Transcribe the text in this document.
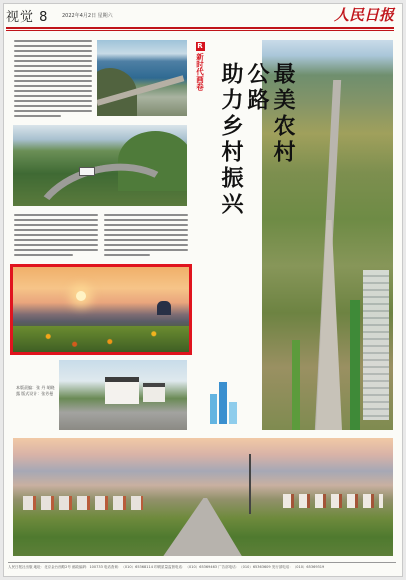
视觉 8	2022年4月2日 星期六	人民日报
本版责编：张 丹 胡晓露 版式设计：张芳曼
R
新时代画卷	最美农村公路
助力乡村振兴
人民日报社出版 地址：北京金台西路2号 邮政编码：100733 电话查询：（010）65368114 印刷质量监督电话：（010）65369463 广告部电话：（010）65363609 发行部电话：（010）65369319
